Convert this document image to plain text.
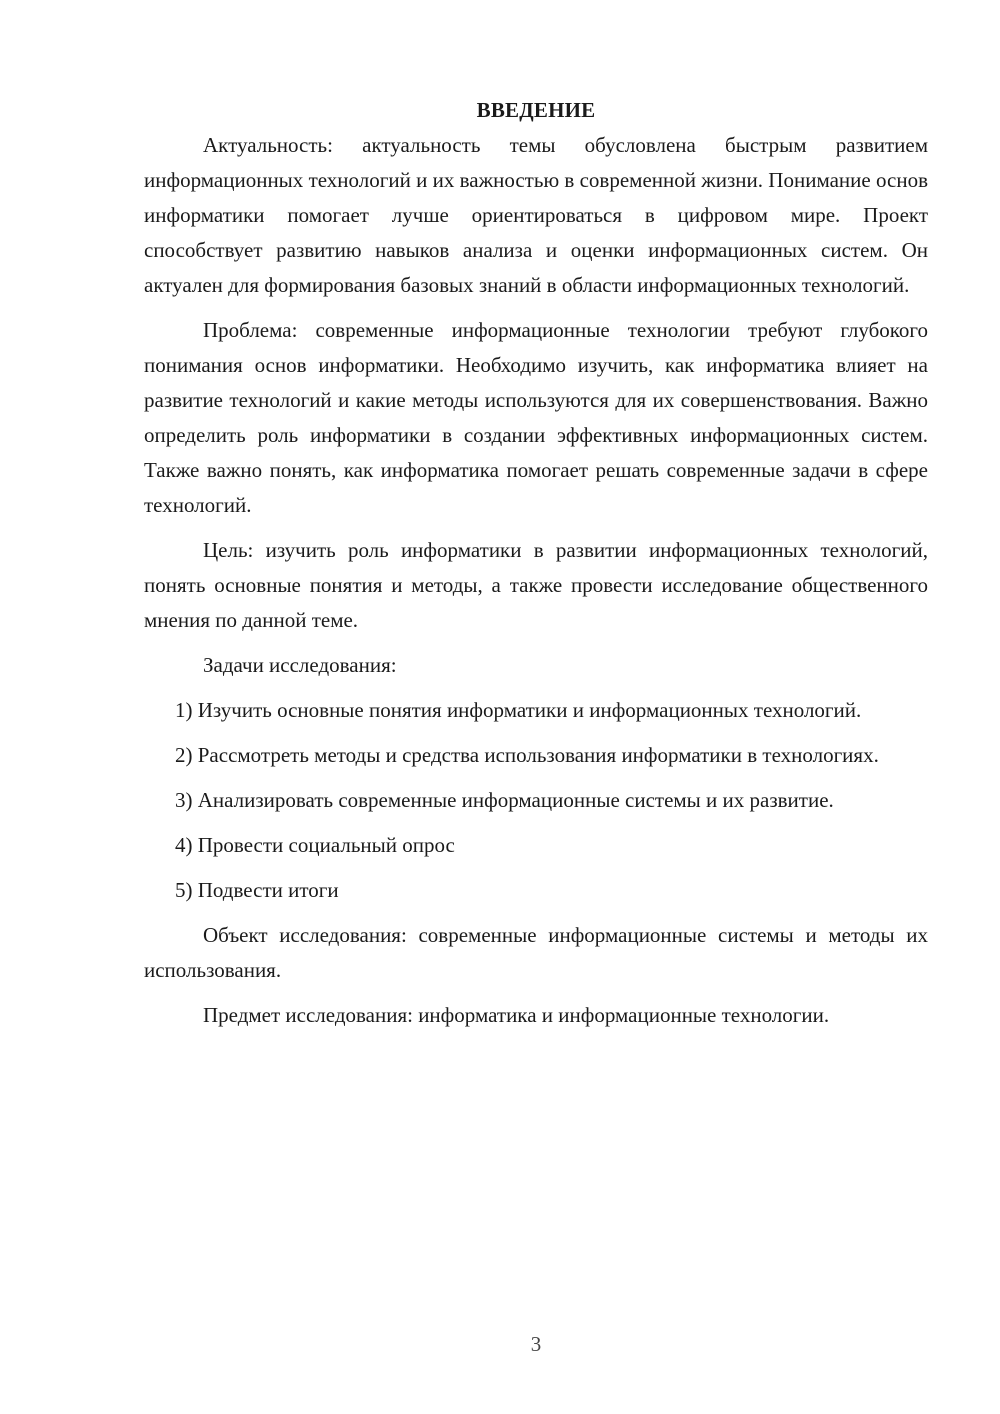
ВВЕДЕНИЕ

Актуальность: актуальность темы обусловлена быстрым развитием информационных технологий и их важностью в современной жизни. Понимание основ информатики помогает лучше ориентироваться в цифровом мире. Проект способствует развитию навыков анализа и оценки информационных систем. Он актуален для формирования базовых знаний в области информационных технологий.

Проблема: современные информационные технологии требуют глубокого понимания основ информатики. Необходимо изучить, как информатика влияет на развитие технологий и какие методы используются для их совершенствования. Важно определить роль информатики в создании эффективных информационных систем. Также важно понять, как информатика помогает решать современные задачи в сфере технологий.

Цель: изучить роль информатики в развитии информационных технологий, понять основные понятия и методы, а также провести исследование общественного мнения по данной теме.

Задачи исследования:

1) Изучить основные понятия информатики и информационных технологий.

2) Рассмотреть методы и средства использования информатики в технологиях.

3) Анализировать современные информационные системы и их развитие.

4) Провести социальный опрос

5) Подвести итоги

Объект исследования: современные информационные системы и методы их использования.

Предмет исследования: информатика и информационные технологии.

3
